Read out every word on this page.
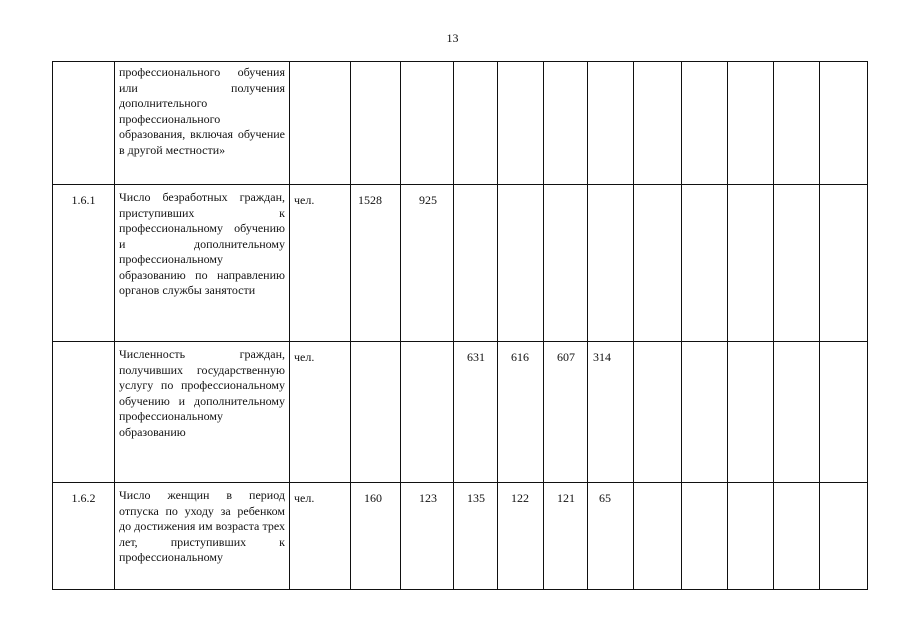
13
	профессионального обучения или получения дополнительного профессионального образования, включая обучение в другой местности»													
1.6.1	Число безработных граждан, приступивших к профессиональному обучению и дополнительному профессиональному образованию по направлению органов службы занятости	чел.	1528	925										
	Численность граждан, получивших государственную услугу по профессиональному обучению и дополнительному профессиональному образованию	чел.			631	616	607	314						
1.6.2	Число женщин в период отпуска по уходу за ребенком до достижения им возраста трех лет, приступивших к профессиональному	чел.	160	123	135	122	121	65						
